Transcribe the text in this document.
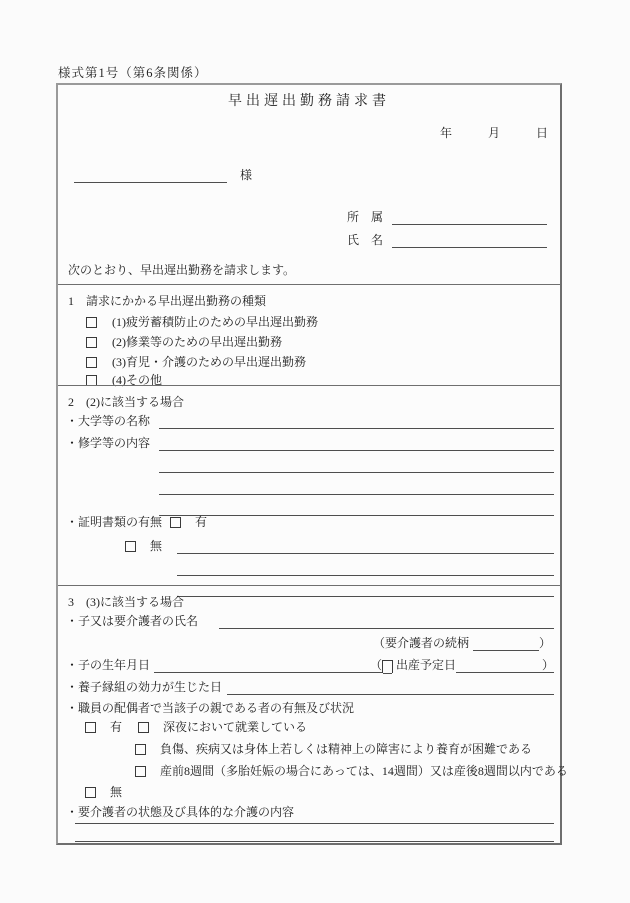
様式第1号（第6条関係）
早出遅出勤務請求書
年	月	日
様
所　属
氏　名
次のとおり、早出遅出勤務を請求します。
1　請求にかかる早出遅出勤務の種類
(1)疲労蓄積防止のための早出遅出勤務
(2)修業等のための早出遅出勤務
(3)育児・介護のための早出遅出勤務
(4)その他
2　(2)に該当する場合
・大学等の名称
・修学等の内容
・証明書類の有無	有
無
3　(3)に該当する場合
・子又は要介護者の氏名
（要介護者の続柄	）
・子の生年月日	（ 出産予定日	）
・養子縁組の効力が生じた日
・職員の配偶者で当該子の親である者の有無及び状況
有	深夜において就業している
負傷、疾病又は身体上若しくは精神上の障害により養育が困難である
産前8週間（多胎妊娠の場合にあっては、14週間）又は産後8週間以内である
無
・要介護者の状態及び具体的な介護の内容
